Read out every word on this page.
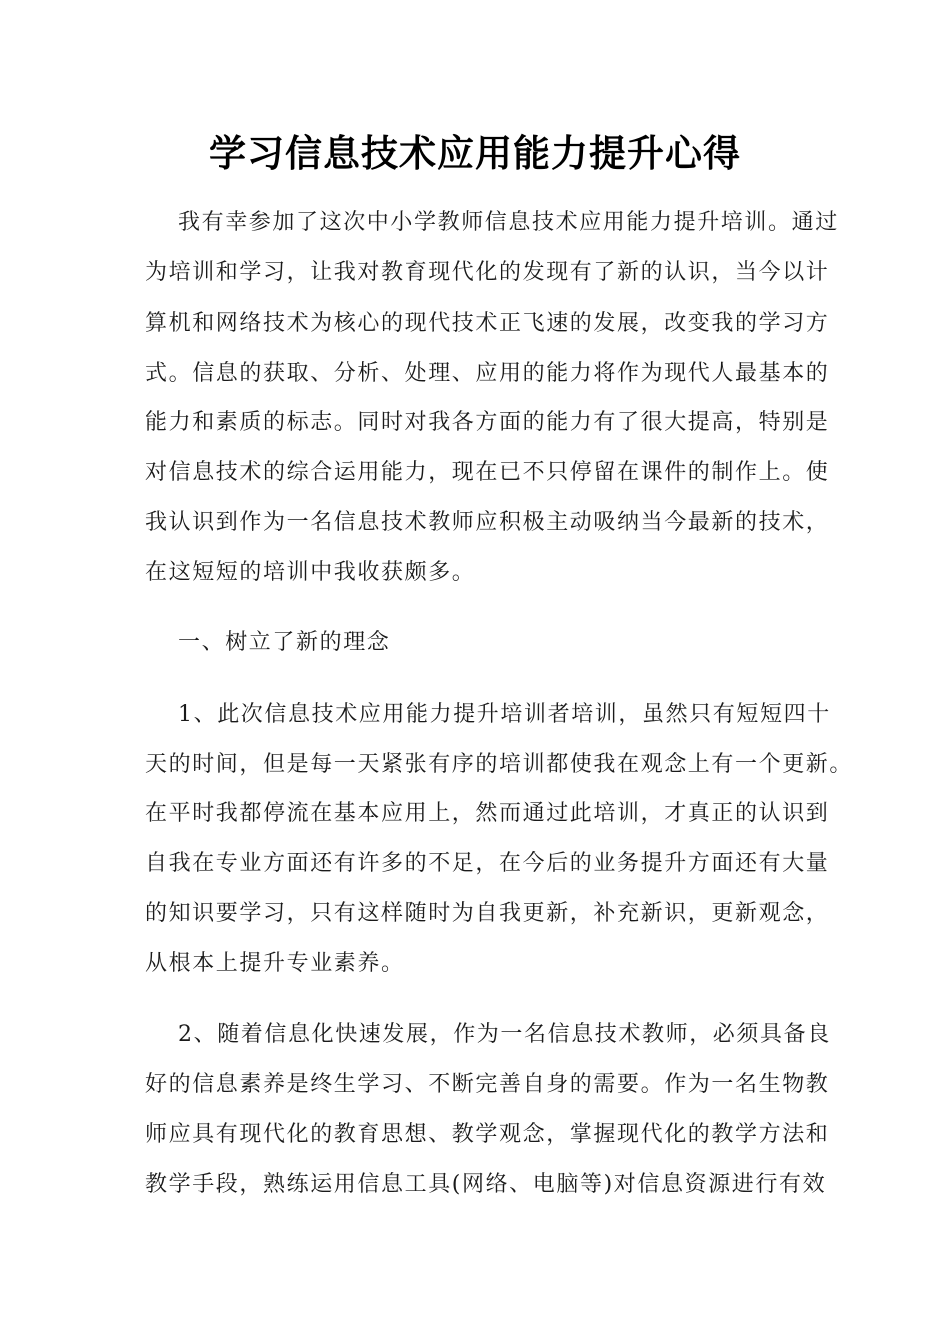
学习信息技术应用能力提升心得
我有幸参加了这次中小学教师信息技术应用能力提升培训。通过
为培训和学习，让我对教育现代化的发现有了新的认识，当今以计
算机和网络技术为核心的现代技术正飞速的发展，改变我的学习方
式。信息的获取、分析、处理、应用的能力将作为现代人最基本的
能力和素质的标志。同时对我各方面的能力有了很大提高，特别是
对信息技术的综合运用能力，现在已不只停留在课件的制作上。使
我认识到作为一名信息技术教师应积极主动吸纳当今最新的技术，
在这短短的培训中我收获颇多。
一、树立了新的理念
1、此次信息技术应用能力提升培训者培训，虽然只有短短四十
天的时间，但是每一天紧张有序的培训都使我在观念上有一个更新。
在平时我都停流在基本应用上，然而通过此培训，才真正的认识到
自我在专业方面还有许多的不足，在今后的业务提升方面还有大量
的知识要学习，只有这样随时为自我更新，补充新识，更新观念，
从根本上提升专业素养。
2、随着信息化快速发展，作为一名信息技术教师，必须具备良
好的信息素养是终生学习、不断完善自身的需要。作为一名生物教
师应具有现代化的教育思想、教学观念，掌握现代化的教学方法和
教学手段，熟练运用信息工具(网络、电脑等)对信息资源进行有效
